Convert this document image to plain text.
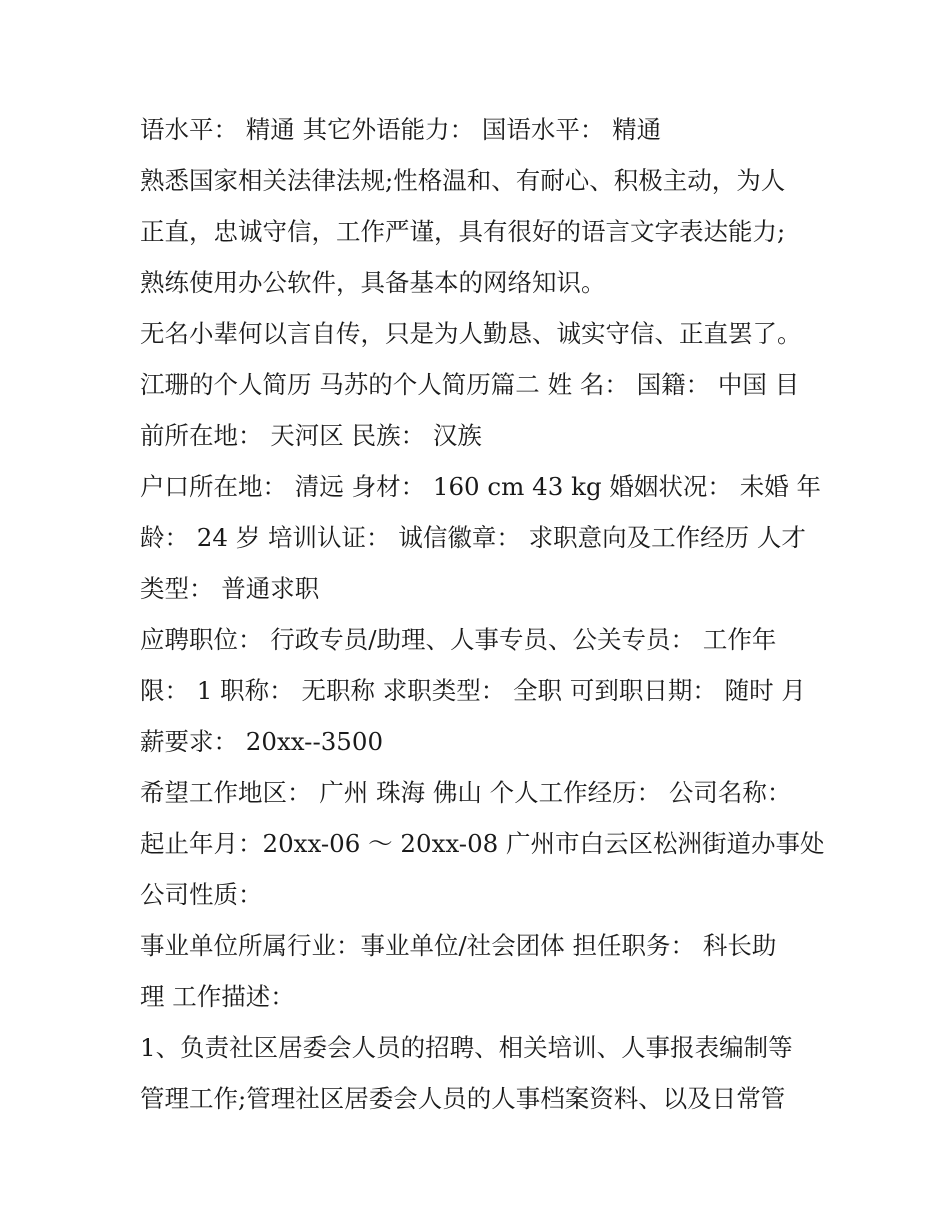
语水平： 精通 其它外语能力： 国语水平： 精通
熟悉国家相关法律法规;性格温和、有耐心、积极主动，为人
正直，忠诚守信，工作严谨，具有很好的语言文字表达能力;
熟练使用办公软件，具备基本的网络知识。
无名小辈何以言自传，只是为人勤恳、诚实守信、正直罢了。
江珊的个人简历 马苏的个人简历篇二 姓 名： 国籍： 中国 目
前所在地： 天河区 民族： 汉族
户口所在地： 清远 身材： 160 cm 43 kg 婚姻状况： 未婚 年
龄： 24 岁 培训认证： 诚信徽章： 求职意向及工作经历 人才
类型： 普通求职
应聘职位： 行政专员/助理、人事专员、公关专员： 工作年
限： 1 职称： 无职称 求职类型： 全职 可到职日期： 随时 月
薪要求： 20xx--3500
希望工作地区： 广州 珠海 佛山 个人工作经历： 公司名称：
起止年月：20xx-06 ～ 20xx-08 广州市白云区松洲街道办事处
公司性质：
事业单位所属行业：事业单位/社会团体 担任职务： 科长助
理 工作描述：
1、负责社区居委会人员的招聘、相关培训、人事报表编制等
管理工作;管理社区居委会人员的人事档案资料、以及日常管
